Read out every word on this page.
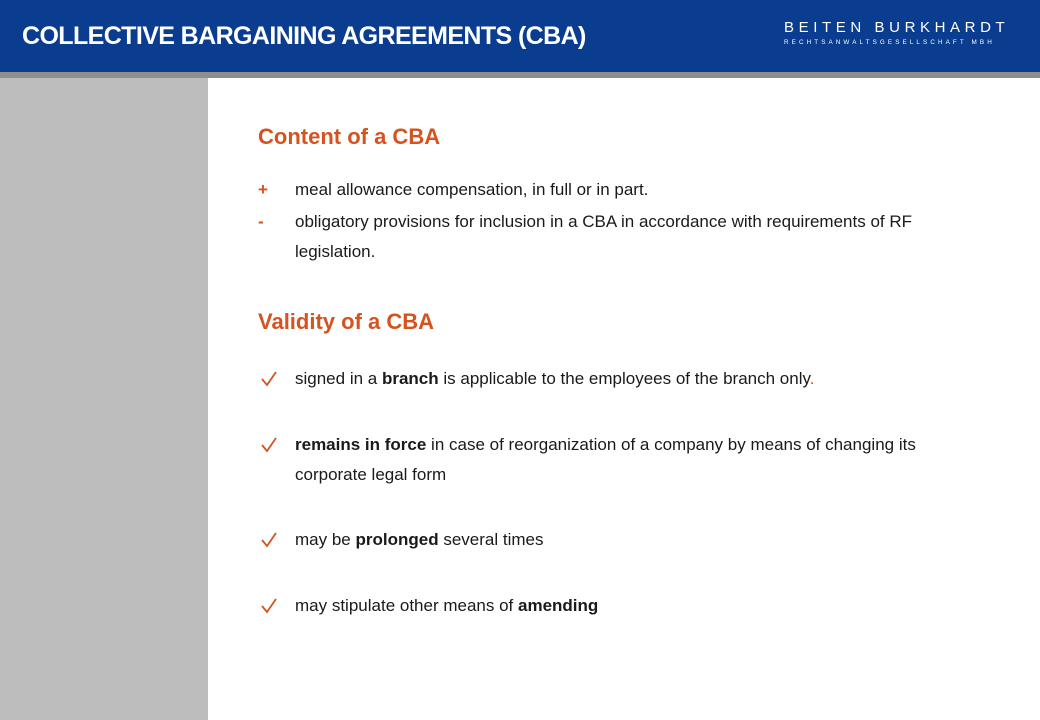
COLLECTIVE BARGAINING AGREEMENTS (CBA)	BEITEN BURKHARDT
RECHTSANWALTSGESELLSCHAFT MBH
Content of a CBA
+	meal allowance compensation, in full or in part.
-	obligatory provisions for inclusion in a CBA in accordance with requirements of RF legislation.
Validity of a CBA
signed in a branch is applicable to the employees of the branch only.
remains in force in case of reorganization of a company by means of changing its corporate legal form
may be prolonged several times
may stipulate other means of amending
